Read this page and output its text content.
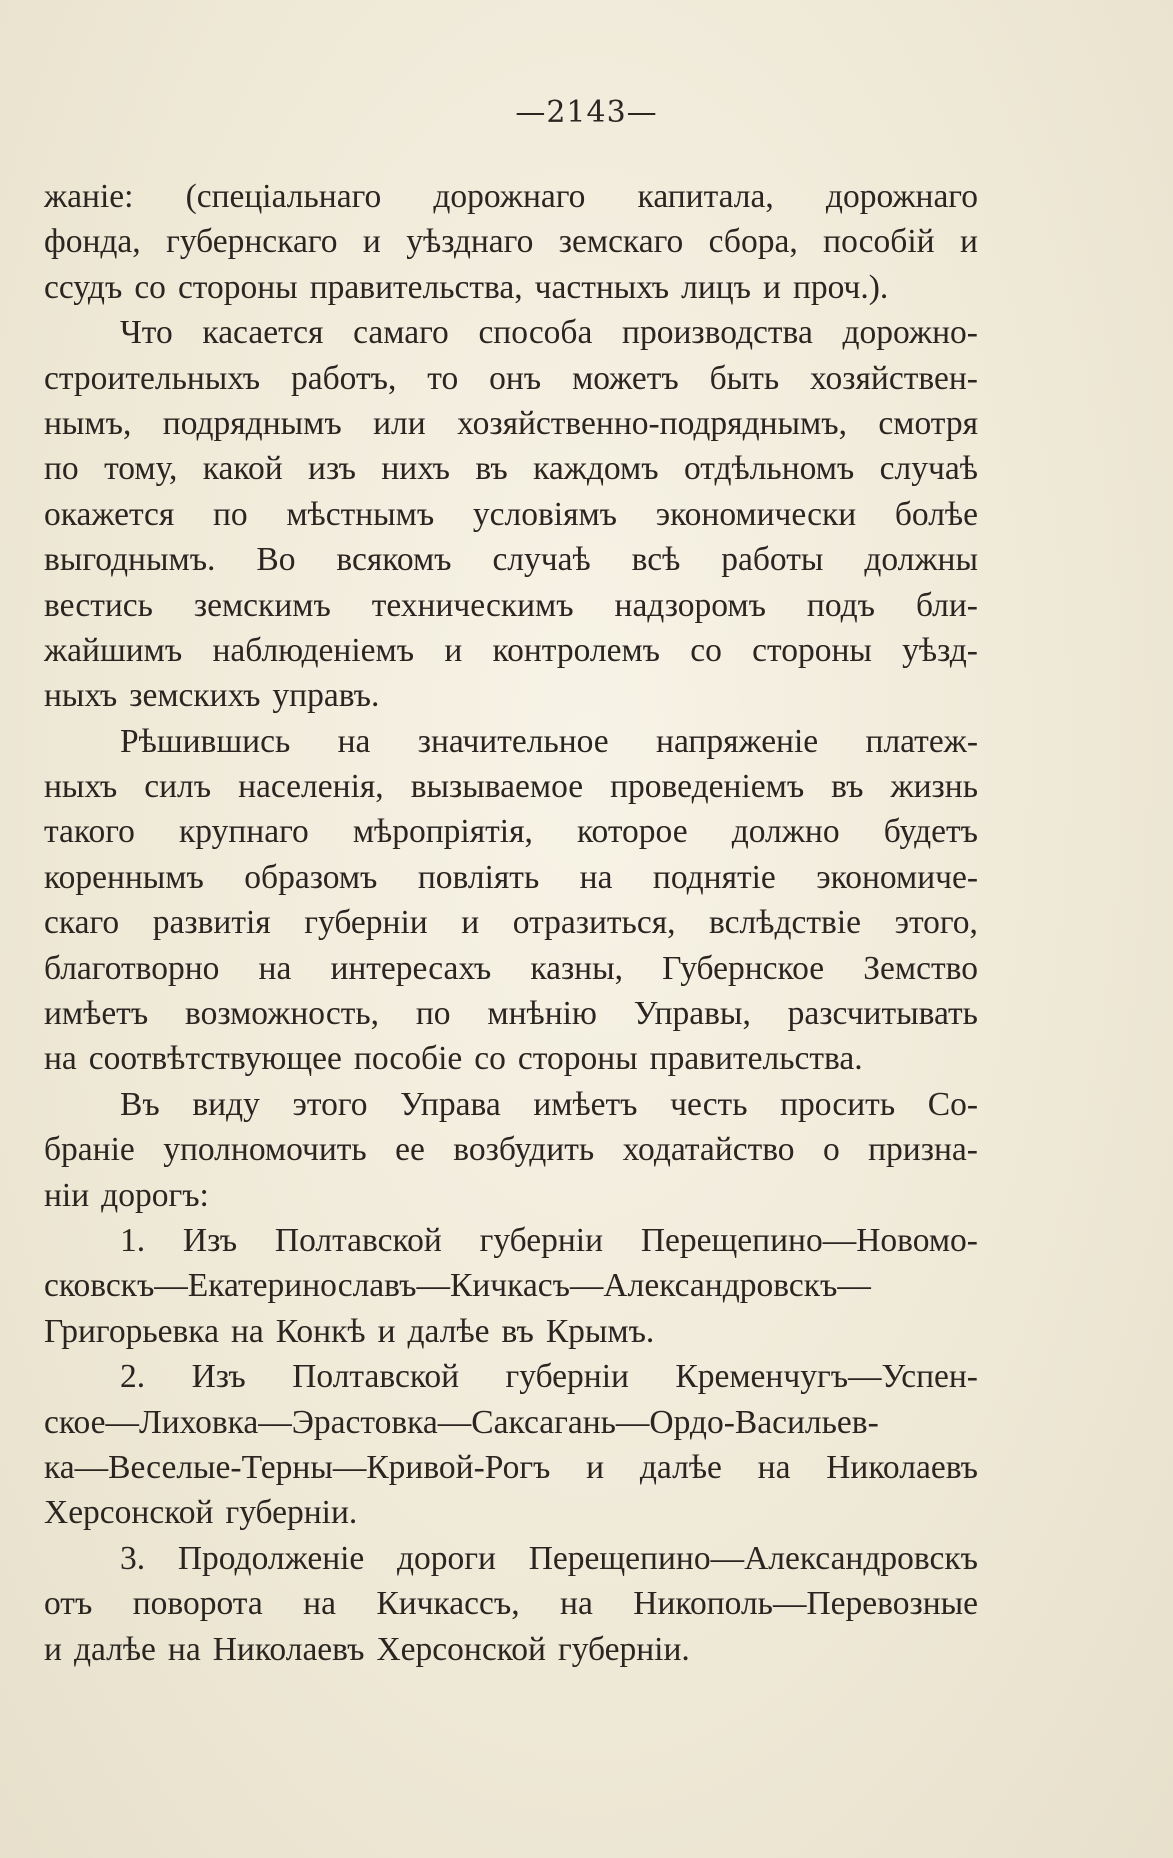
—2143—
жаніе: (спеціальнаго дорожнаго капитала, дорожнаго
фонда, губернскаго и уѣзднаго земскаго сбора, пособій и
ссудъ со стороны правительства, частныхъ лицъ и проч.).
Что касается самаго способа производства дорожно-
строительныхъ работъ, то онъ можетъ быть хозяйствен-
нымъ, подряднымъ или хозяйственно-подряднымъ, смотря
по тому, какой изъ нихъ въ каждомъ отдѣльномъ случаѣ
окажется по мѣстнымъ условіямъ экономически болѣе
выгоднымъ. Во всякомъ случаѣ всѣ работы должны
вестись земскимъ техническимъ надзоромъ подъ бли-
жайшимъ наблюденіемъ и контролемъ со стороны уѣзд-
ныхъ земскихъ управъ.
Рѣшившись на значительное напряженіе платеж-
ныхъ силъ населенія, вызываемое проведеніемъ въ жизнь
такого крупнаго мѣропріятія, которое должно будетъ
кореннымъ образомъ повліять на поднятіе экономиче-
скаго развитія губерніи и отразиться, вслѣдствіе этого,
благотворно на интересахъ казны, Губернское Земство
имѣетъ возможность, по мнѣнію Управы, разсчитывать
на соотвѣтствующее пособіе со стороны правительства.
Въ виду этого Управа имѣетъ честь просить Со-
браніе уполномочить ее возбудить ходатайство о призна-
ніи дорогъ:
1. Изъ Полтавской губерніи Перещепино—Новомо-
сковскъ—Екатеринославъ—Кичкасъ—Александровскъ—
Григорьевка на Конкѣ и далѣе въ Крымъ.
2. Изъ Полтавской губерніи Кременчугъ—Успен-
ское—Лиховка—Эрастовка—Саксагань—Ордо-Васильев-
ка—Веселые-Терны—Кривой-Рогъ и далѣе на Николаевъ
Херсонской губерніи.
3. Продолженіе дороги Перещепино—Александровскъ
отъ поворота на Кичкассъ, на Никополь—Перевозные
и далѣе на Николаевъ Херсонской губерніи.
